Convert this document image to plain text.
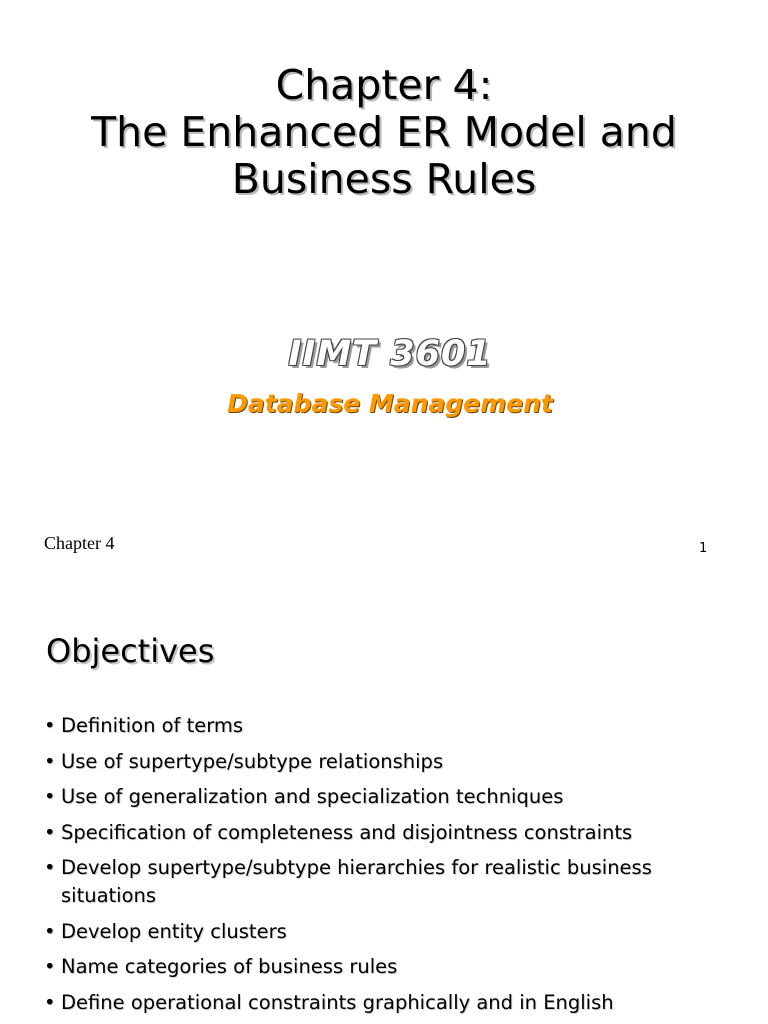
Chapter 4:
The Enhanced ER Model and
Business Rules
IIMT 3601
Database Management
Chapter 4	1
Objectives
• Definition of terms
• Use of supertype/subtype relationships
• Use of generalization and specialization techniques
• Specification of completeness and disjointness constraints
• Develop supertype/subtype hierarchies for realistic business situations
• Develop entity clusters
• Name categories of business rules
• Define operational constraints graphically and in English
